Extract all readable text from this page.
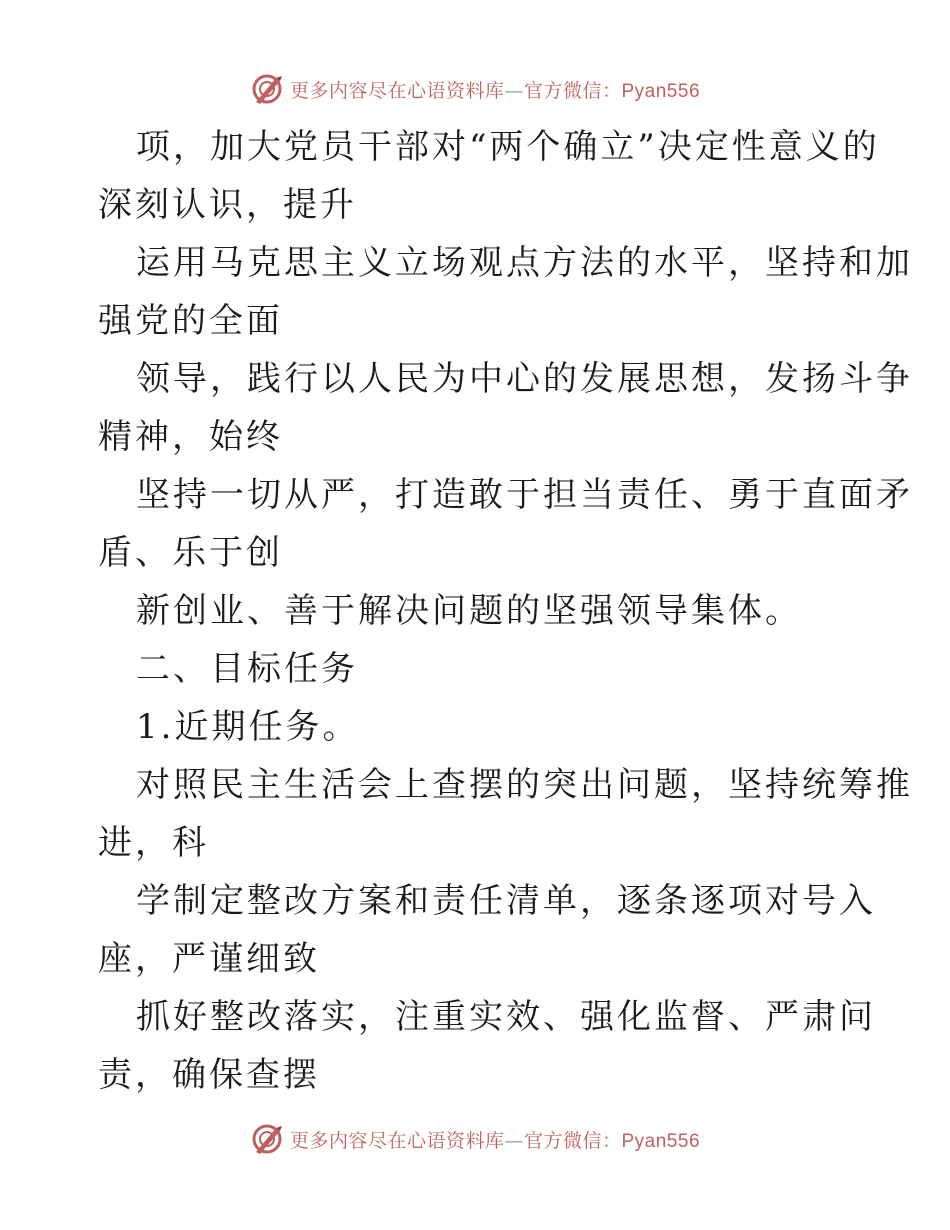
更多内容尽在心语资料库—官方微信：Pyan556
项，加大党员干部对“两个确立”决定性意义的
深刻认识，提升
运用马克思主义立场观点方法的水平，坚持和加
强党的全面
领导，践行以人民为中心的发展思想，发扬斗争
精神，始终
坚持一切从严，打造敢于担当责任、勇于直面矛
盾、乐于创
新创业、善于解决问题的坚强领导集体。
二、目标任务
1.近期任务。
对照民主生活会上查摆的突出问题，坚持统筹推
进，科
学制定整改方案和责任清单，逐条逐项对号入
座，严谨细致
抓好整改落实，注重实效、强化监督、严肃问
责，确保查摆
更多内容尽在心语资料库—官方微信：Pyan556
